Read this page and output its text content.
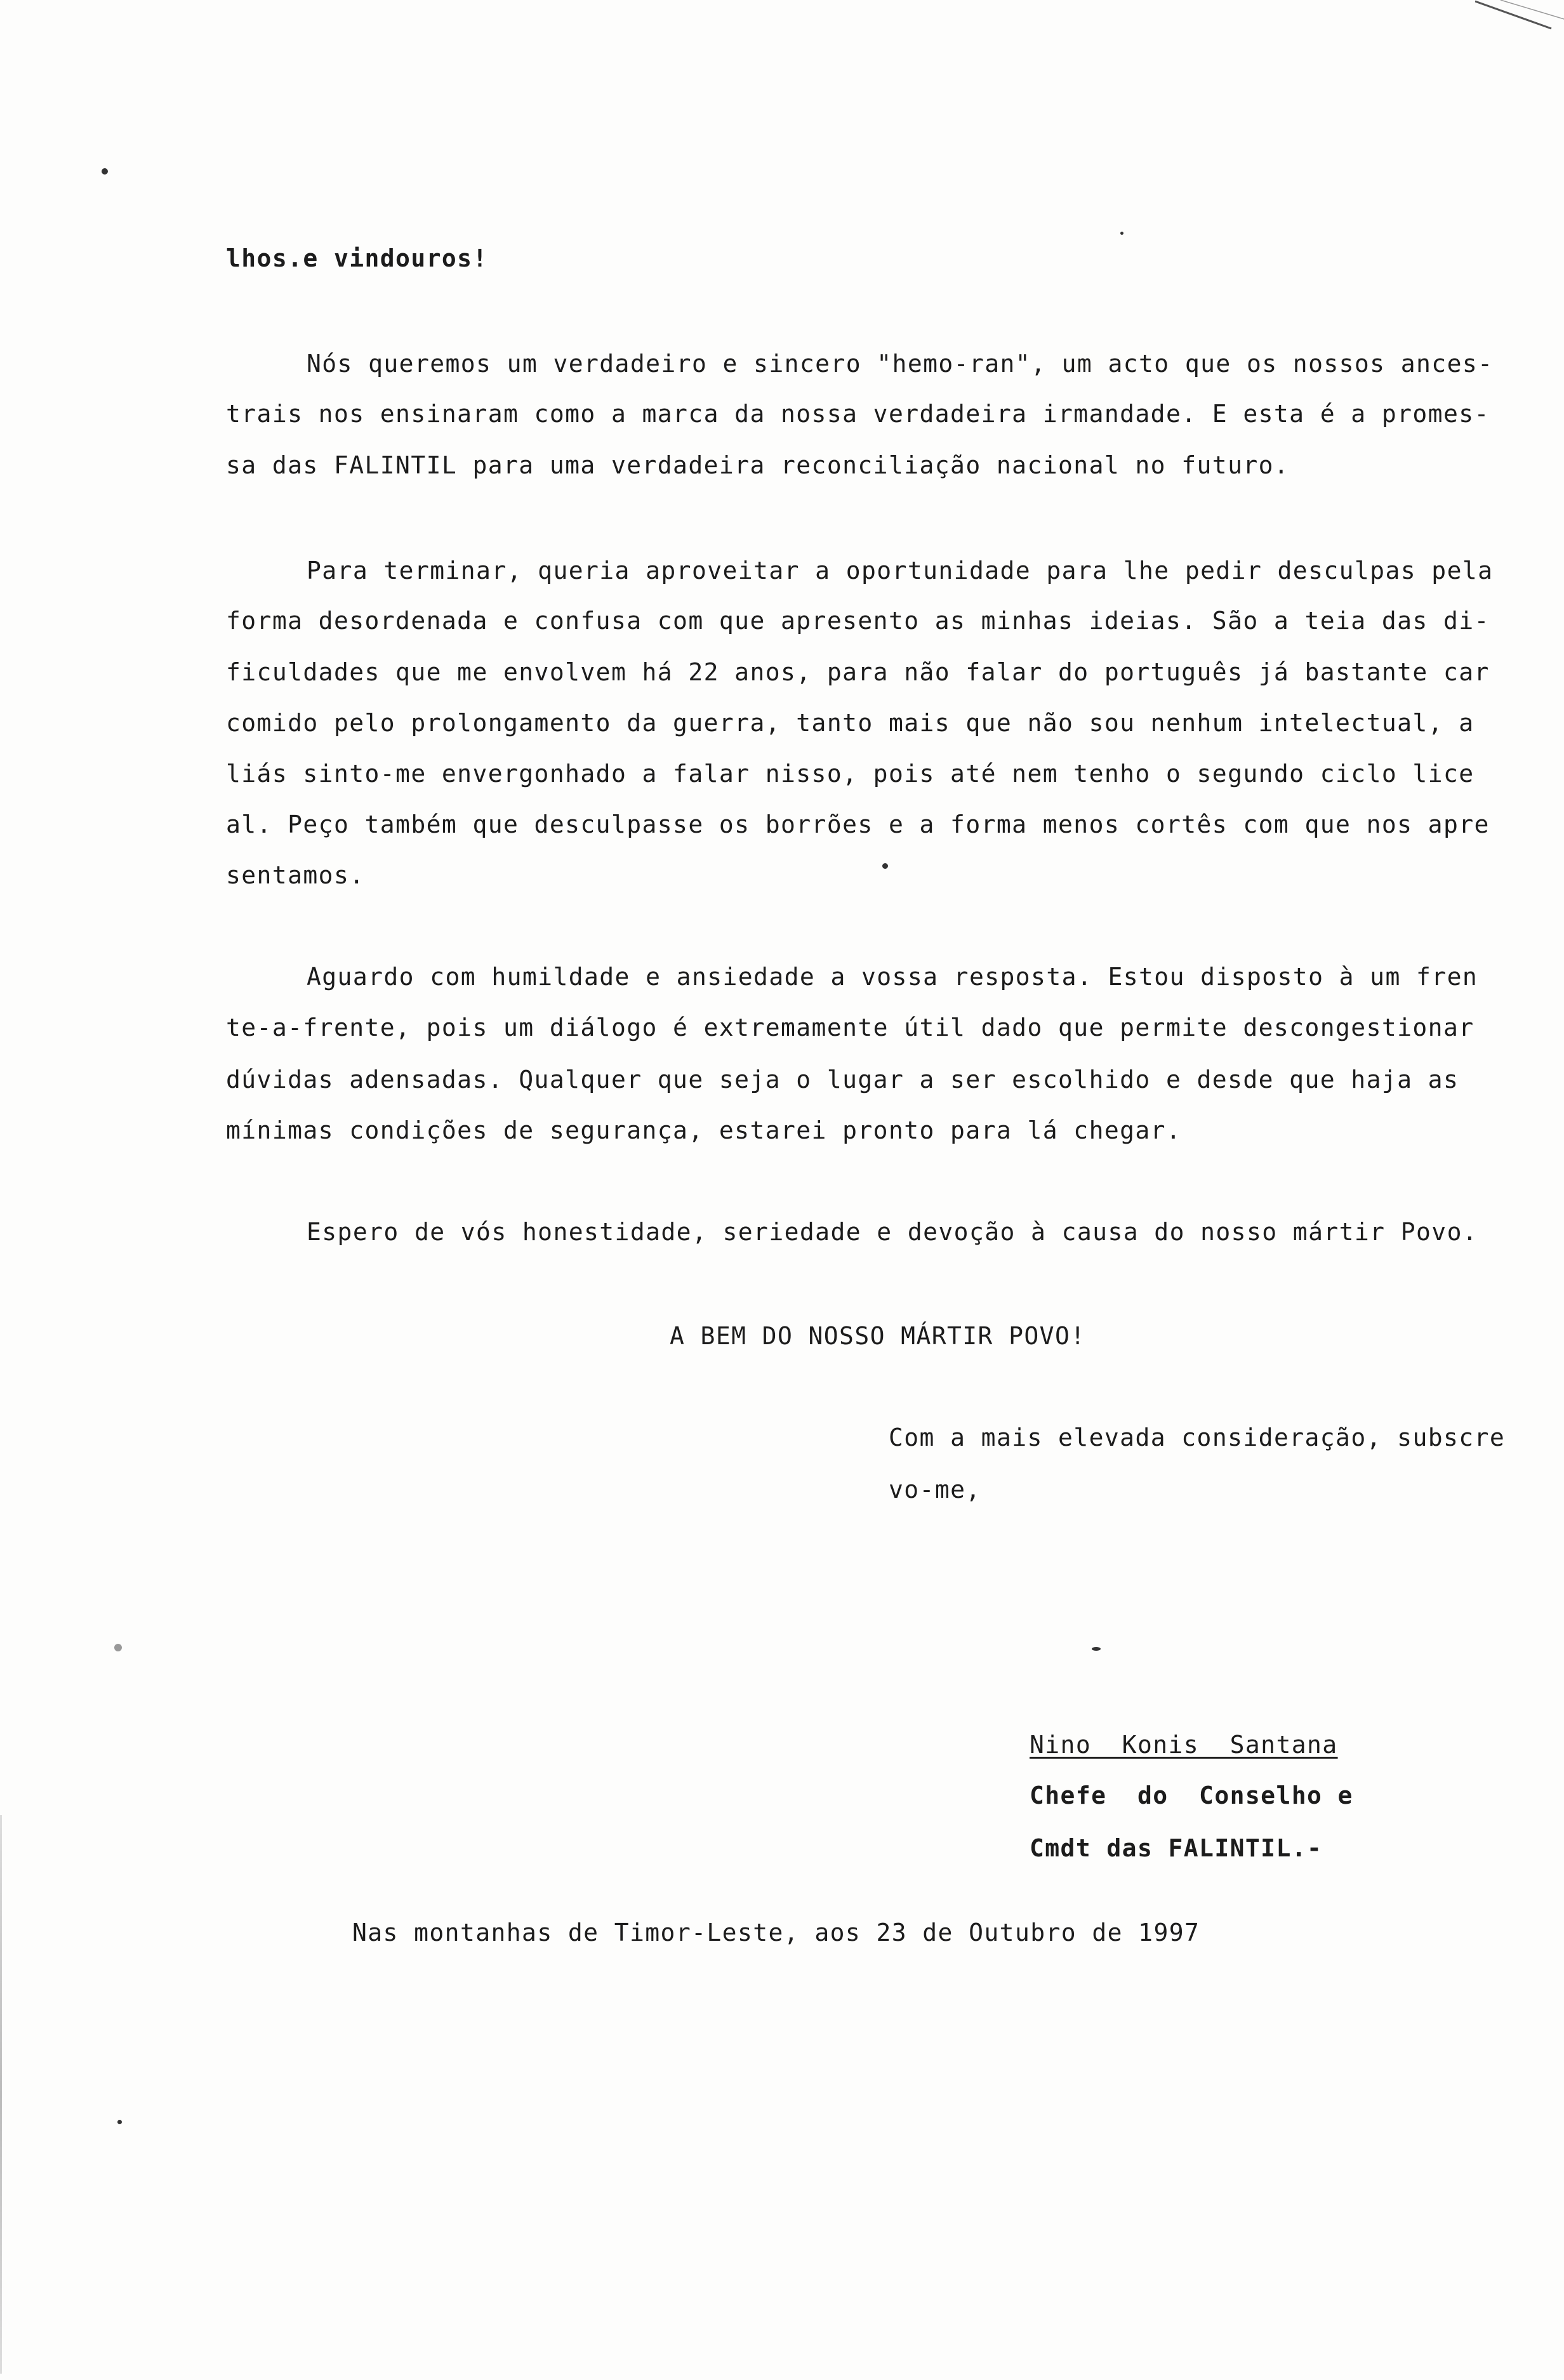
lhos.e vindouros!
Nós queremos um verdadeiro e sincero "hemo-ran", um acto que os nossos ances-
trais nos ensinaram como a marca da nossa verdadeira irmandade. E esta é a promes-
sa das FALINTIL para uma verdadeira reconciliação nacional no futuro.
Para terminar, queria aproveitar a oportunidade para lhe pedir desculpas pela
forma desordenada e confusa com que apresento as minhas ideias. São a teia das di-
ficuldades que me envolvem há 22 anos, para não falar do português já bastante car
comido pelo prolongamento da guerra, tanto mais que não sou nenhum intelectual, a
liás sinto-me envergonhado a falar nisso, pois até nem tenho o segundo ciclo lice
al. Peço também que desculpasse os borrões e a forma menos cortês com que nos apre
sentamos.
Aguardo com humildade e ansiedade a vossa resposta. Estou disposto à um fren
te-a-frente, pois um diálogo é extremamente útil dado que permite descongestionar
dúvidas adensadas. Qualquer que seja o lugar a ser escolhido e desde que haja as
mínimas condições de segurança, estarei pronto para lá chegar.
Espero de vós honestidade, seriedade e devoção à causa do nosso mártir Povo.
A BEM DO NOSSO MÁRTIR POVO!
Com a mais elevada consideração, subscre
vo-me,
Nino  Konis  Santana
Chefe  do  Conselho e
Cmdt das FALINTIL.-
Nas montanhas de Timor-Leste, aos 23 de Outubro de 1997
